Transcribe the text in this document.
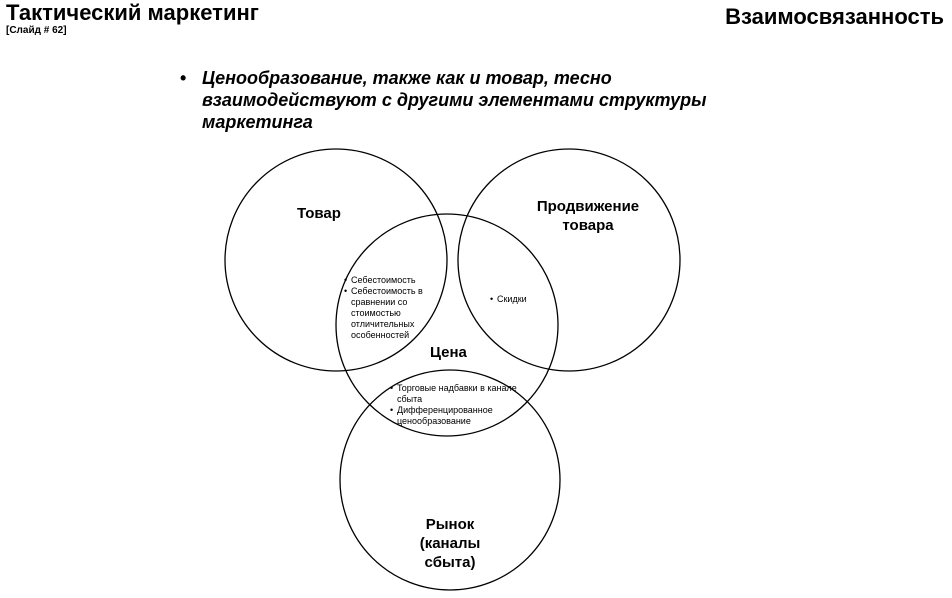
Тактический маркетинг
[Слайд # 62]
Взаимосвязанность
• Ценообразование, также как и товар, тесно взаимодействуют с другими элементами структуры маркетинга
Товар	Продвижение товара
Цена
Рынок (каналы сбыта)
• Себестоимость
• Себестоимость в сравнении со стоимостью отличительных особенностей
• Скидки
• Торговые надбавки в канале сбыта
• Дифференцированное ценообразование
